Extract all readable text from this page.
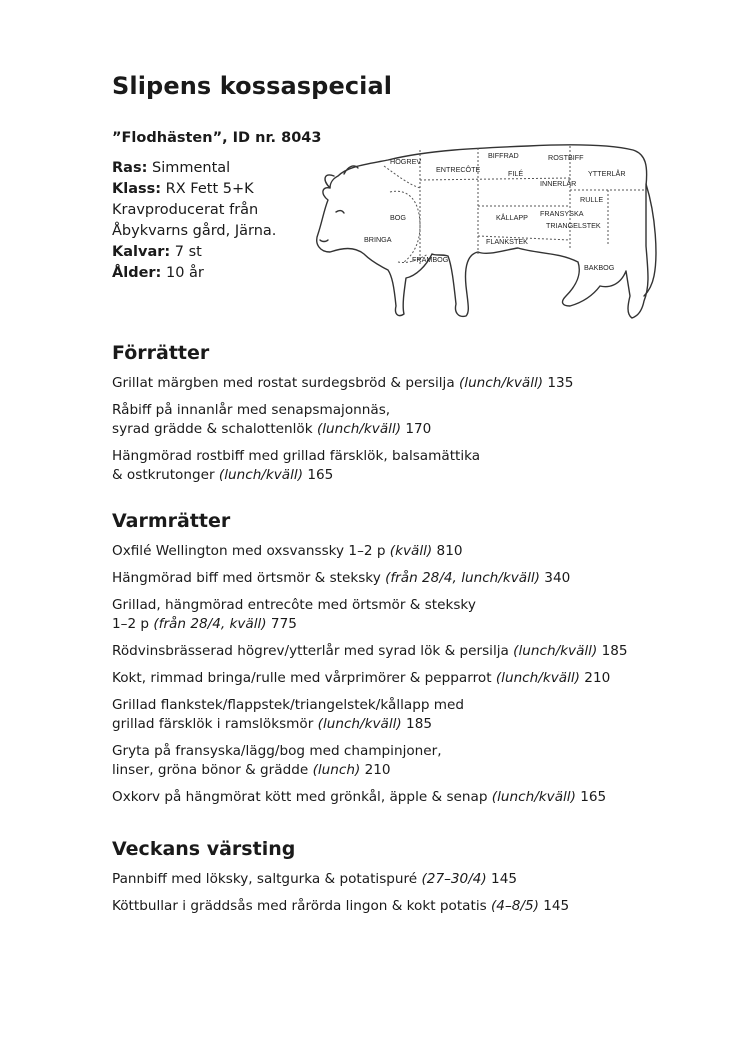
Slipens kossaspecial
”Flodhästen”, ID nr. 8043
Ras: Simmental
Klass: RX Fett 5+K
Kravproducerat från
Åbykvarns gård, Järna.
Kalvar: 7 st
Ålder: 10 år
HÖGREV
ENTRECÔTE
BIFFRAD
FILÉ
ROSTBIFF
YTTERLÅR
INNERLÅR
RULLE
BOG	KÅLLAPP FRANSYSKA
TRIANGELSTEK
BRINGA	FLANKSTEK
FRAMBOG
BAKBOG
Förrätter
Grillat märgben med rostat surdegsbröd & persilja (lunch/kväll) 135
Råbiff på innanlår med senapsmajonnäs,
syrad grädde & schalottenlök (lunch/kväll) 170
Hängmörad rostbiff med grillad färsklök, balsamättika
& ostkrutonger (lunch/kväll) 165
Varmrätter
Oxfilé Wellington med oxsvanssky 1–2 p (kväll) 810
Hängmörad biff med örtsmör & steksky (från 28/4, lunch/kväll) 340
Grillad, hängmörad entrecôte med örtsmör & steksky
1–2 p (från 28/4, kväll) 775
Rödvinsbrässerad högrev/ytterlår med syrad lök & persilja (lunch/kväll) 185
Kokt, rimmad bringa/rulle med vårprimörer & pepparrot (lunch/kväll) 210
Grillad flankstek/flappstek/triangelstek/kållapp med
grillad färsklök i ramslöksmör (lunch/kväll) 185
Gryta på fransyska/lägg/bog med champinjoner,
linser, gröna bönor & grädde (lunch) 210
Oxkorv på hängmörat kött med grönkål, äpple & senap (lunch/kväll) 165
Veckans värsting
Pannbiff med löksky, saltgurka & potatispuré (27–30/4) 145
Köttbullar i gräddsås med rårörda lingon & kokt potatis (4–8/5) 145
